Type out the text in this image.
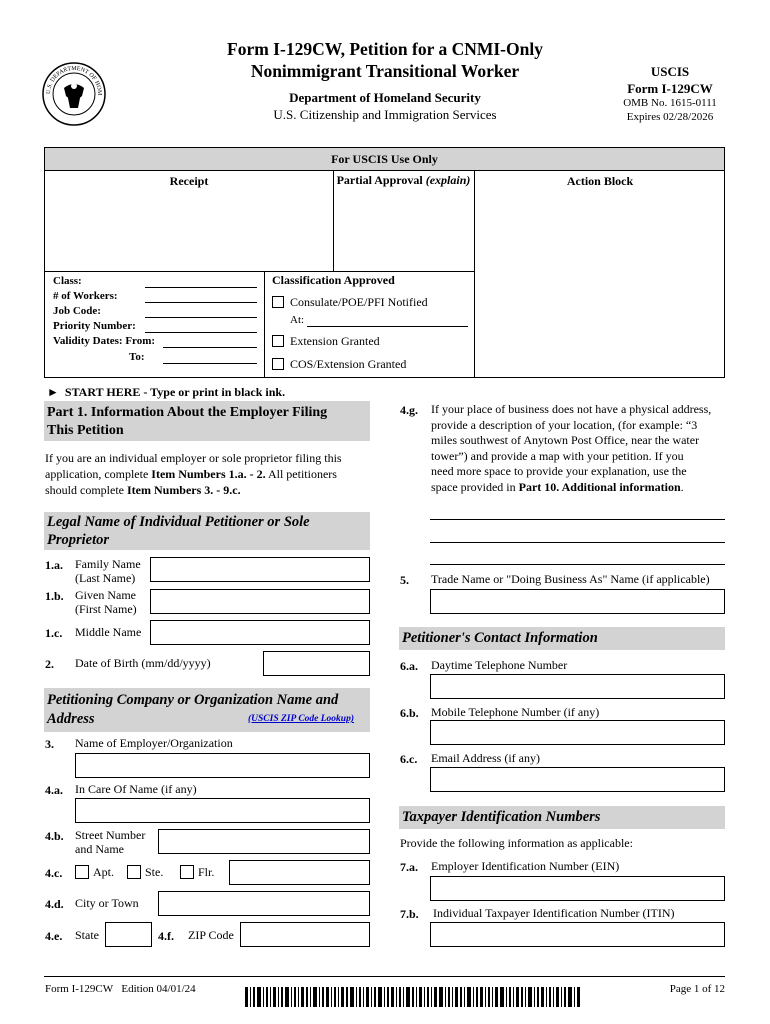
U.S. DEPARTMENT OF HOM
Form I-129CW, Petition for a CNMI-Only
Nonimmigrant Transitional Worker
Department of Homeland Security
U.S. Citizenship and Immigration Services
USCIS
Form I-129CW
OMB No. 1615-0111
Expires 02/28/2026
For USCIS Use Only
Receipt	Partial Approval (explain)	Action Block
Class:
# of Workers:
Job Code:
Priority Number:
Validity Dates: From:
To:
Classification Approved
Consulate/POE/PFI Notified
At:
Extension Granted
COS/Extension Granted
► START HERE - Type or print in black ink.
Part 1. Information About the Employer Filing
This Petition
If you are an individual employer or sole proprietor filing this
application, complete Item Numbers 1.a. - 2. All petitioners
should complete Item Numbers 3. - 9.c.
Legal Name of Individual Petitioner or Sole
Proprietor
1.a. Family Name
(Last Name)
1.b. Given Name
(First Name)
1.c. Middle Name
2. Date of Birth (mm/dd/yyyy)
Petitioning Company or Organization Name and
Address	(USCIS ZIP Code Lookup)
3. Name of Employer/Organization
4.a. In Care Of Name (if any)
4.b. Street Number
and Name
4.c.	Apt.	Ste.	Flr.
4.d. City or Town
4.e. State	4.f. ZIP Code
4.g. If your place of business does not have a physical address,
provide a description of your location, (for example: “3
miles southwest of Anytown Post Office, near the water
tower”) and provide a map with your petition. If you
need more space to provide your explanation, use the
space provided in Part 10. Additional information.
5. Trade Name or "Doing Business As" Name (if applicable)
Petitioner's Contact Information
6.a. Daytime Telephone Number
6.b. Mobile Telephone Number (if any)
6.c. Email Address (if any)
Taxpayer Identification Numbers
Provide the following information as applicable:
7.a. Employer Identification Number (EIN)
7.b. Individual Taxpayer Identification Number (ITIN)
Form I-129CW Edition 04/01/24	Page 1 of 12
